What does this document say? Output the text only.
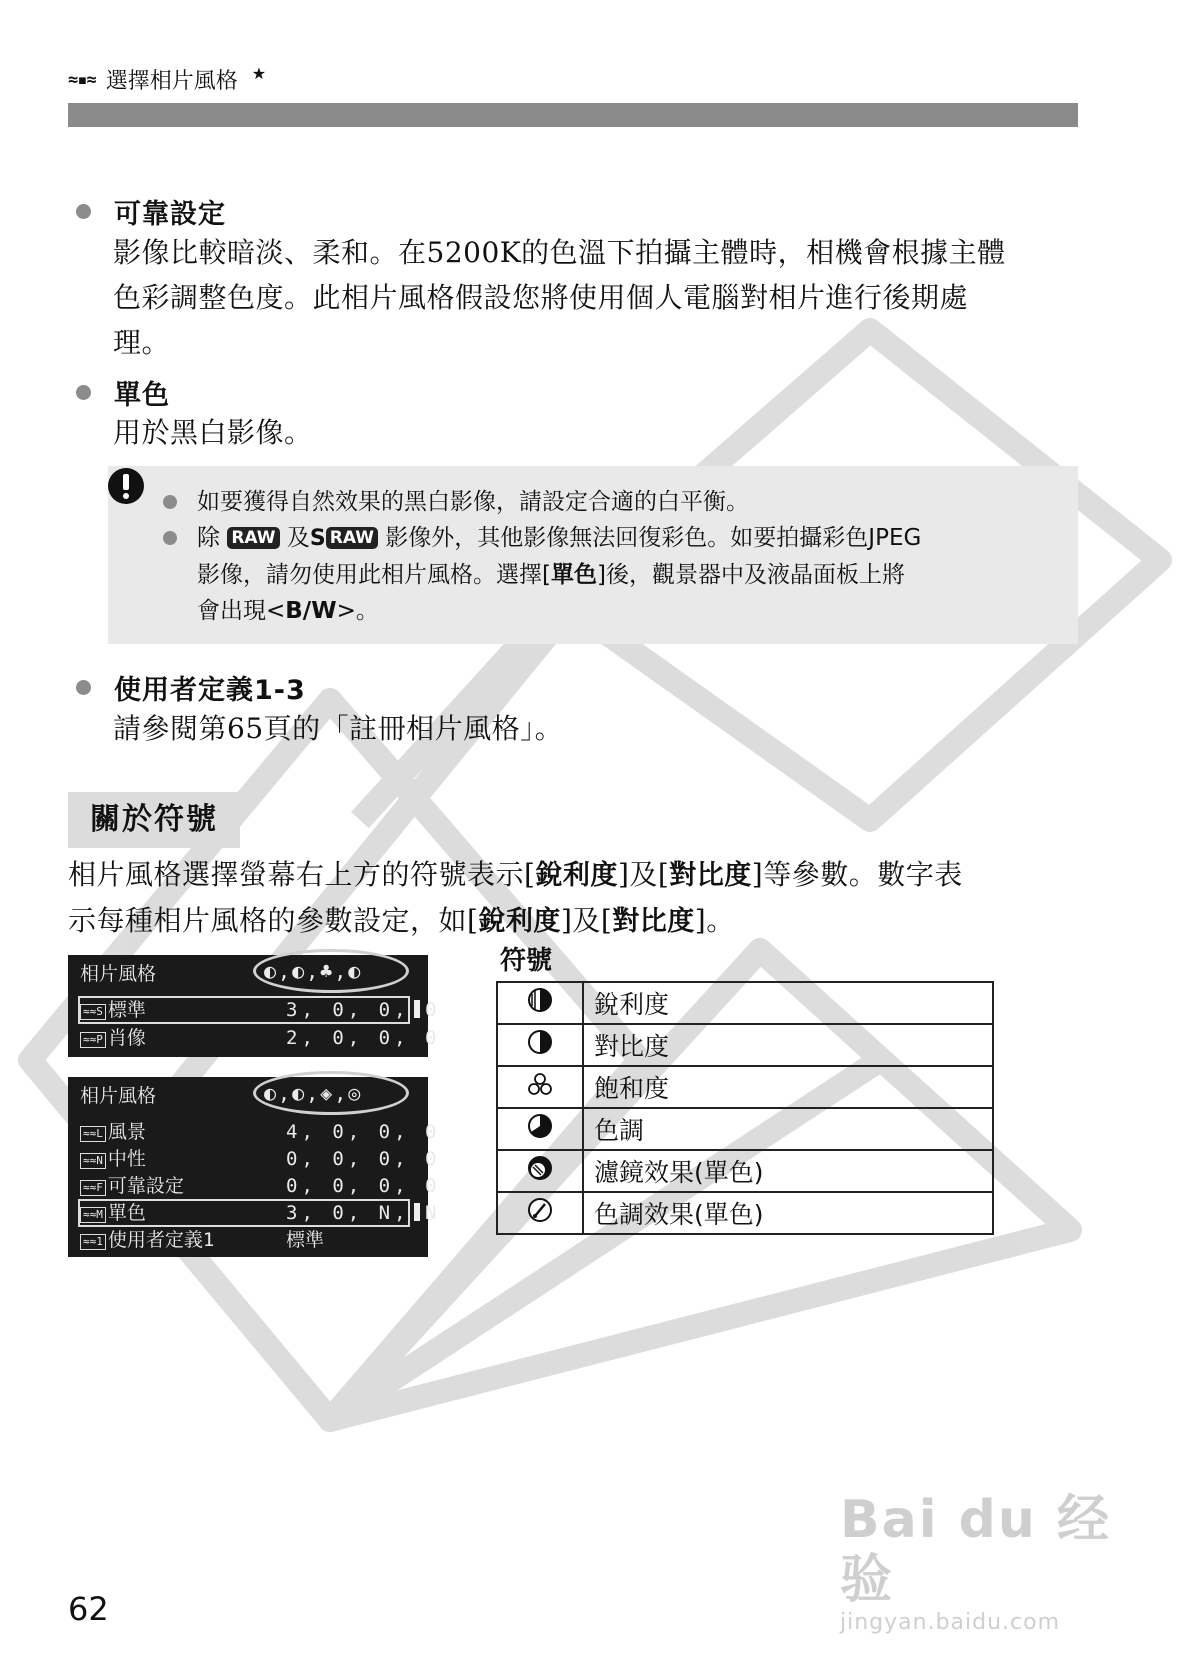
≈▪≈ 選擇相片風格 ★
可靠設定
影像比較暗淡、柔和。在5200K的色溫下拍攝主體時，相機會根據主體
色彩調整色度。此相片風格假設您將使用個人電腦對相片進行後期處
理。
單色
用於黑白影像。
如要獲得自然效果的黑白影像，請設定合適的白平衡。
除 RAW 及S RAW 影像外，其他影像無法回復彩色。如要拍攝彩色JPEG
影像，請勿使用此相片風格。選擇[單色]後，觀景器中及液晶面板上將
會出現<B/W>。
使用者定義1-3
請參閱第65頁的「註冊相片風格」。
關於符號
相片風格選擇螢幕右上方的符號表示[銳利度]及[對比度]等參數。數字表
示每種相片風格的參數設定，如[銳利度]及[對比度]。
相片風格	◐,◐,♣,◐
≈≈S 標準	3, 0, 0, 0
≈≈P 肖像	2, 0, 0, 0
相片風格	◐,◐,◈,◎
≈≈L 風景	4, 0, 0, 0
≈≈N 中性	0, 0, 0, 0
≈≈F 可靠設定	0, 0, 0, 0
≈≈M 單色	3, 0, N, N
≈≈1 使用者定義1	標準
符號
	銳利度
	對比度
	飽和度
	色調
	濾鏡效果(單色)
	色調效果(單色)
62
Bai du 经验
jingyan.baidu.com
